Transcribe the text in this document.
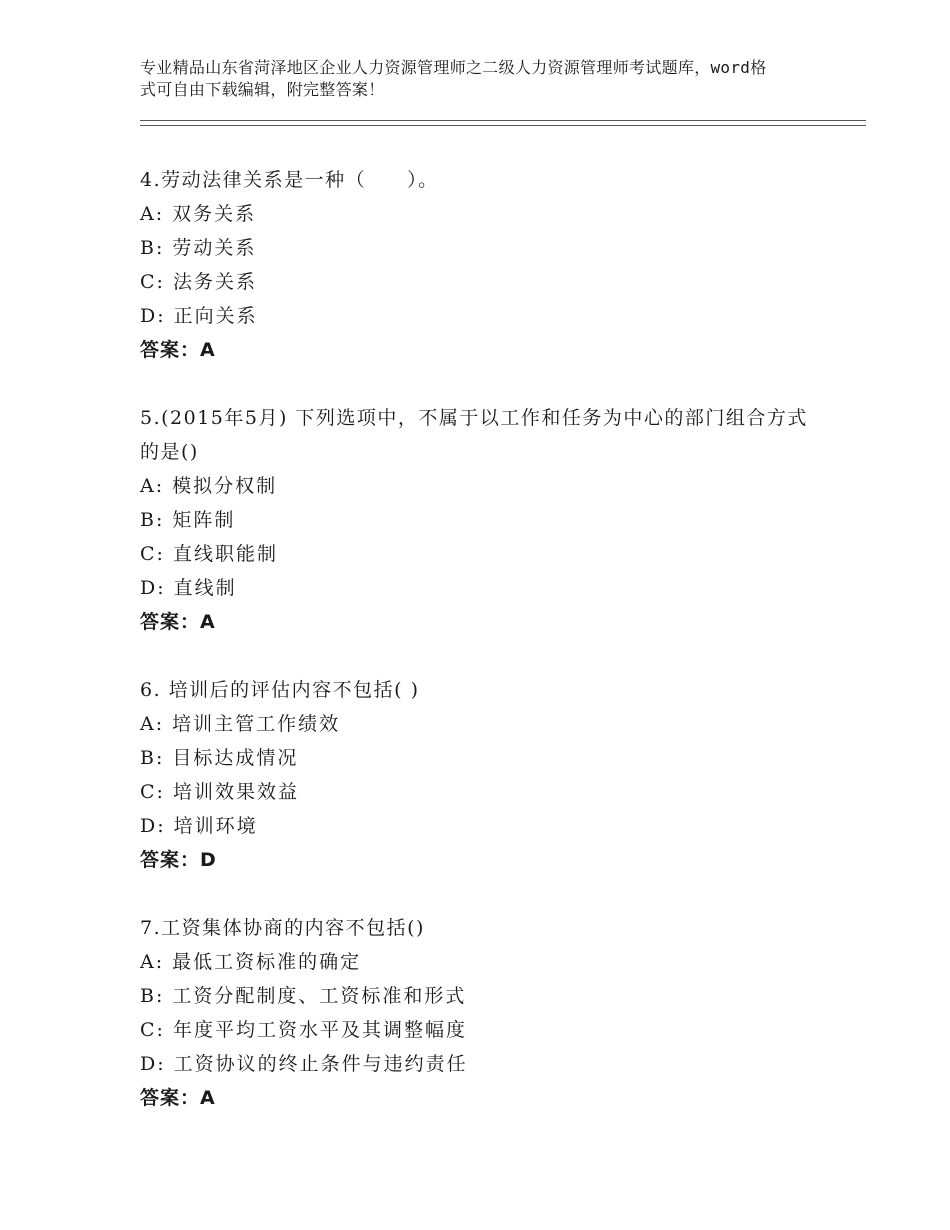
专业精品山东省菏泽地区企业人力资源管理师之二级人力资源管理师考试题库，word格式可自由下载编辑，附完整答案！
4.劳动法律关系是一种（　　）。
A: 双务关系
B: 劳动关系
C: 法务关系
D: 正向关系
答案：A
5.(2015年5月) 下列选项中，不属于以工作和任务为中心的部门组合方式的是()
A: 模拟分权制
B: 矩阵制
C: 直线职能制
D: 直线制
答案：A
6. 培训后的评估内容不包括( )
A: 培训主管工作绩效
B: 目标达成情况
C: 培训效果效益
D: 培训环境
答案：D
7.工资集体协商的内容不包括()
A: 最低工资标准的确定
B: 工资分配制度、工资标准和形式
C: 年度平均工资水平及其调整幅度
D: 工资协议的终止条件与违约责任
答案：A
